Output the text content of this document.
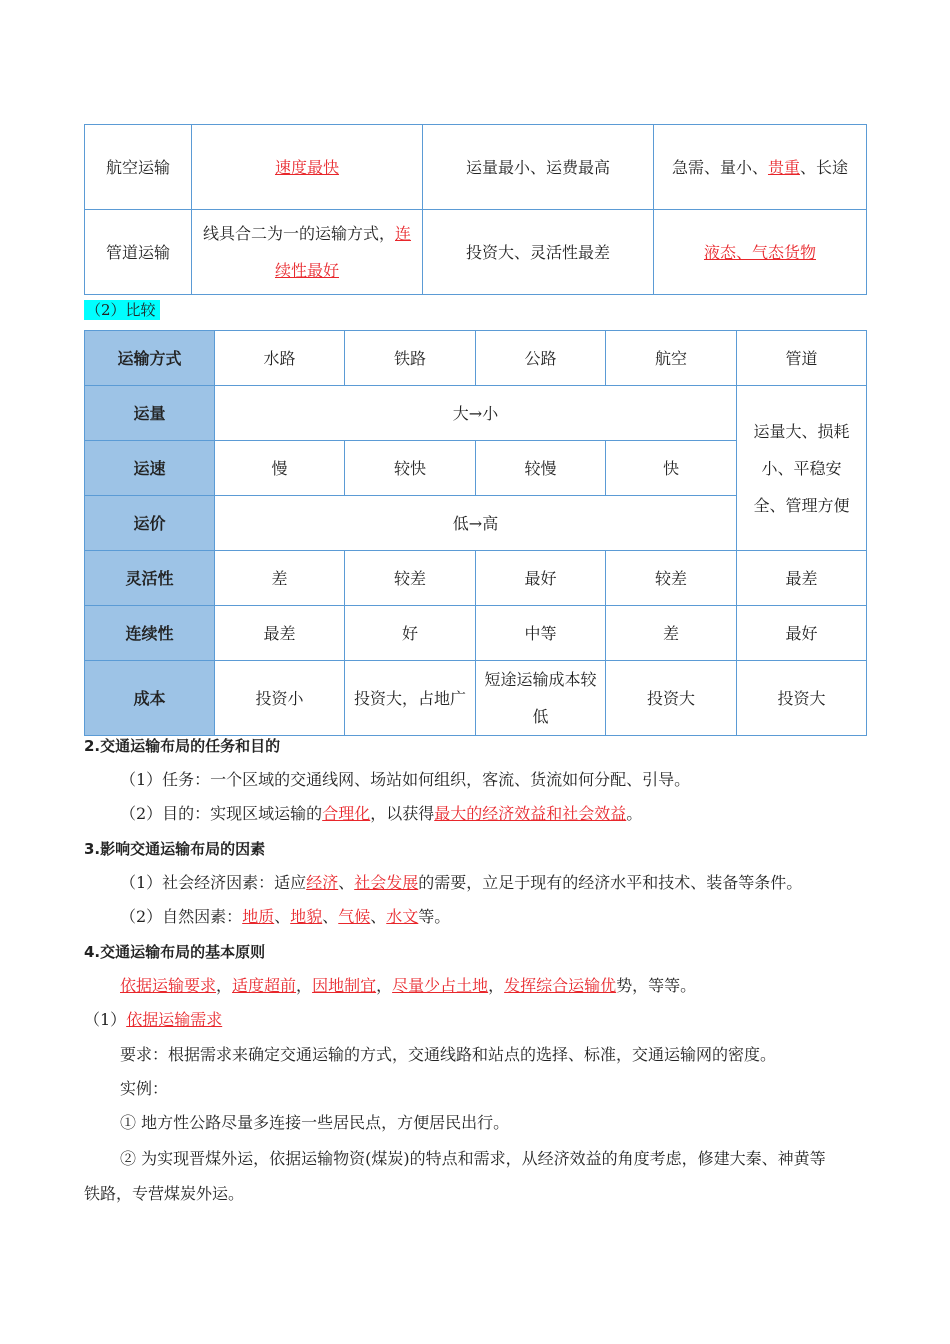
航空运输	速度最快	运量最小、运费最高	急需、量小、贵重、长途
管道运输	线具合二为一的运输方式，连续性最好	投资大、灵活性最差	液态、气态货物
（2）比较
运输方式	水路	铁路	公路	航空	管道
运量	大→小				运量大、损耗小、平稳安全、管理方便
运速	慢	较快	较慢	快	
运价	低→高				
灵活性	差	较差	最好	较差	最差
连续性	最差	好	中等	差	最好
成本	投资小	投资大，占地广	短途运输成本较低	投资大	投资大
2.交通运输布局的任务和目的
（1）任务：一个区域的交通线网、场站如何组织，客流、货流如何分配、引导。
（2）目的：实现区域运输的合理化，以获得最大的经济效益和社会效益。
3.影响交通运输布局的因素
（1）社会经济因素：适应经济、社会发展的需要，立足于现有的经济水平和技术、装备等条件。
（2）自然因素：地质、地貌、气候、水文等。
4.交通运输布局的基本原则
依据运输要求，适度超前，因地制宜，尽量少占土地，发挥综合运输优势，等等。
（1）依据运输需求
要求：根据需求来确定交通运输的方式，交通线路和站点的选择、标准，交通运输网的密度。
实例：
① 地方性公路尽量多连接一些居民点，方便居民出行。
② 为实现晋煤外运，依据运输物资(煤炭)的特点和需求，从经济效益的角度考虑，修建大秦、神黄等
铁路，专营煤炭外运。
